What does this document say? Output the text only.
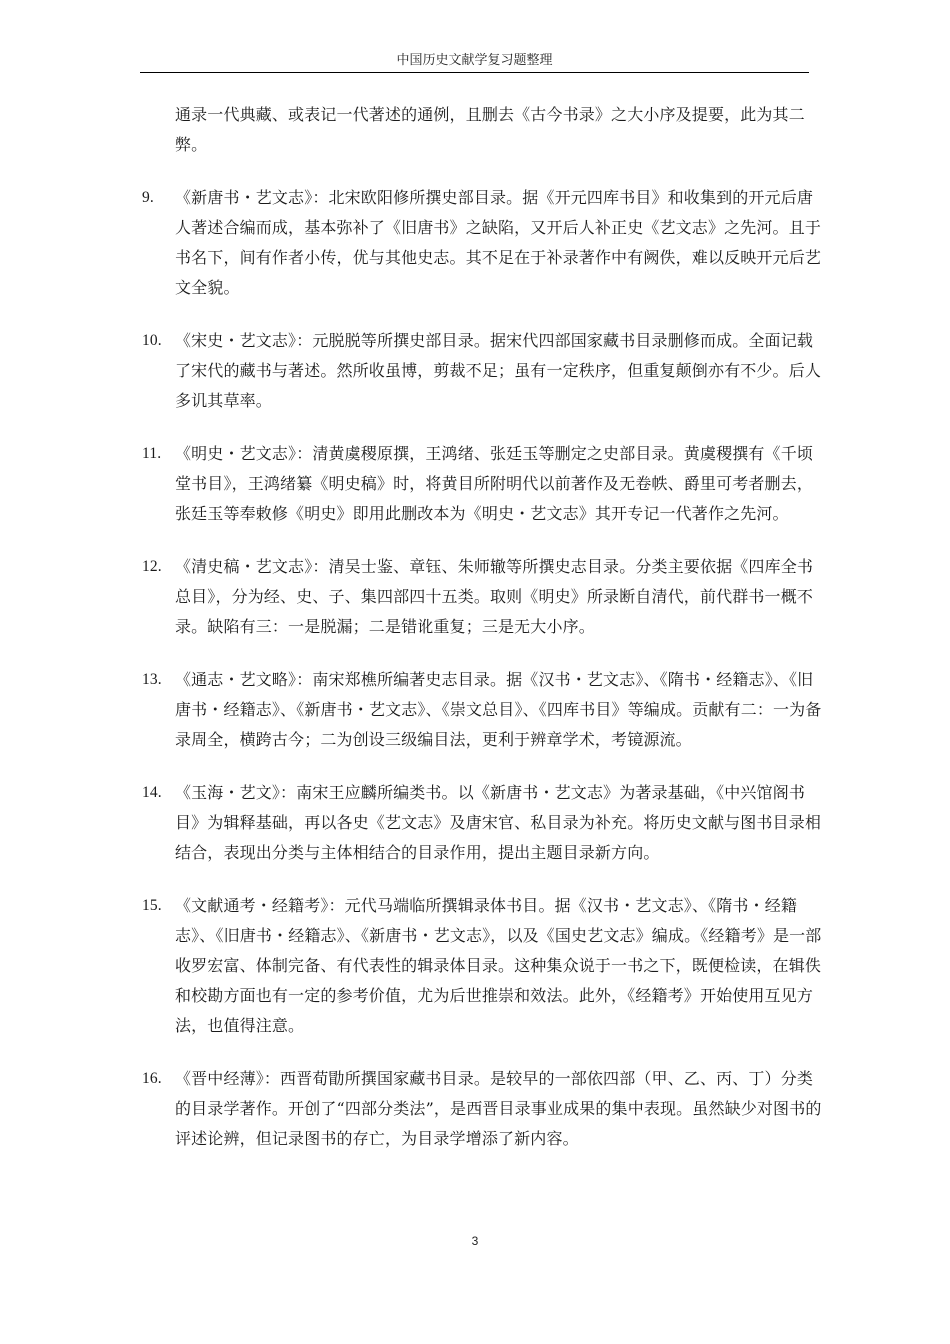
中国历史文献学复习题整理
通录一代典藏、或表记一代著述的通例，且删去《古今书录》之大小序及提要，此为其二弊。
9.	《新唐书・艺文志》：北宋欧阳修所撰史部目录。据《开元四库书目》和收集到的开元后唐人著述合编而成，基本弥补了《旧唐书》之缺陷，又开后人补正史《艺文志》之先河。且于书名下，间有作者小传，优与其他史志。其不足在于补录著作中有阙佚，难以反映开元后艺文全貌。
10. 《宋史・艺文志》：元脱脱等所撰史部目录。据宋代四部国家藏书目录删修而成。全面记载了宋代的藏书与著述。然所收虽博，剪裁不足；虽有一定秩序，但重复颠倒亦有不少。后人多讥其草率。
11. 《明史・艺文志》：清黄虞稷原撰，王鸿绪、张廷玉等删定之史部目录。黄虞稷撰有《千顷堂书目》，王鸿绪纂《明史稿》时，将黄目所附明代以前著作及无卷帙、爵里可考者删去，张廷玉等奉敕修《明史》即用此删改本为《明史・艺文志》其开专记一代著作之先河。
12. 《清史稿・艺文志》：清吴士鉴、章钰、朱师辙等所撰史志目录。分类主要依据《四库全书总目》，分为经、史、子、集四部四十五类。取则《明史》所录断自清代，前代群书一概不录。缺陷有三：一是脱漏；二是错讹重复；三是无大小序。
13. 《通志・艺文略》：南宋郑樵所编著史志目录。据《汉书・艺文志》、《隋书・经籍志》、《旧唐书・经籍志》、《新唐书・艺文志》、《崇文总目》、《四库书目》等编成。贡献有二：一为备录周全，横跨古今；二为创设三级编目法，更利于辨章学术，考镜源流。
14. 《玉海・艺文》：南宋王应麟所编类书。以《新唐书・艺文志》为著录基础，《中兴馆阁书目》为辑释基础，再以各史《艺文志》及唐宋官、私目录为补充。将历史文献与图书目录相结合，表现出分类与主体相结合的目录作用，提出主题目录新方向。
15. 《文献通考・经籍考》：元代马端临所撰辑录体书目。据《汉书・艺文志》、《隋书・经籍志》、《旧唐书・经籍志》、《新唐书・艺文志》，以及《国史艺文志》编成。《经籍考》是一部收罗宏富、体制完备、有代表性的辑录体目录。这种集众说于一书之下，既便检读，在辑佚和校勘方面也有一定的参考价值，尤为后世推崇和效法。此外，《经籍考》开始使用互见方法，也值得注意。
16. 《晋中经薄》：西晋荀勖所撰国家藏书目录。是较早的一部依四部（甲、乙、丙、丁）分类的目录学著作。开创了“四部分类法”，是西晋目录事业成果的集中表现。虽然缺少对图书的评述论辨，但记录图书的存亡，为目录学增添了新内容。
3
